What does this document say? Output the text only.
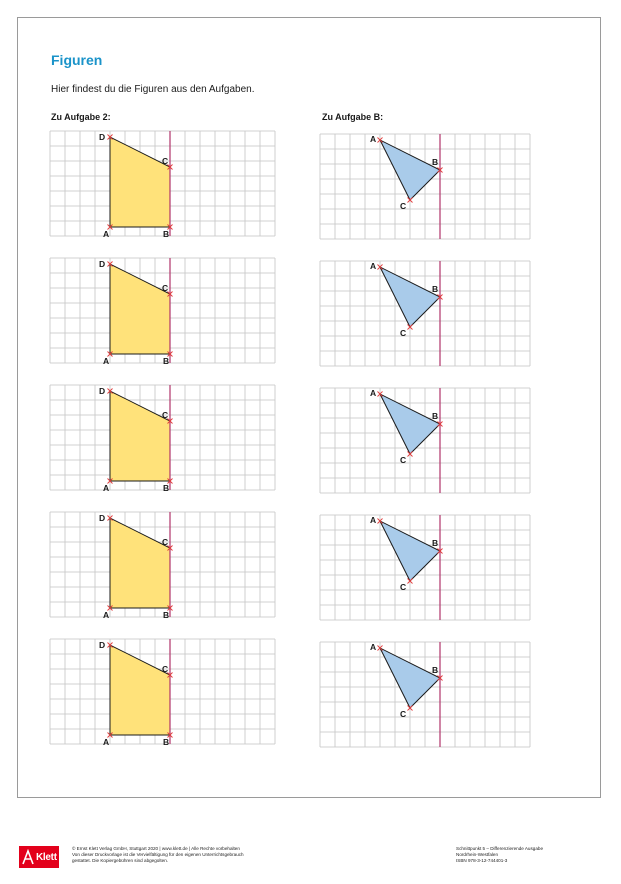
Figuren
Hier findest du die Figuren aus den Aufgaben.
Zu Aufgabe 2:	Zu Aufgabe B:
A	B
C
D
A	B
C
D
A	B
C
D
A	B
C
D
A	B
C
D
A
B
C
A
B
C
A
B
C
A
B
C
A
B
C
Klett
© Ernst Klett Verlag GmbH, Stuttgart 2020 | www.klett.de | Alle Rechte vorbehalten
Von dieser Druckvorlage ist die Vervielfältigung für den eigenen Unterrichtsgebrauch
gestattet. Die Kopiergebühren sind abgegolten.
Schnittpunkt 5 – Differenzierende Ausgabe
Nordrhein-Westfalen
ISBN 978-3-12-744401-3
